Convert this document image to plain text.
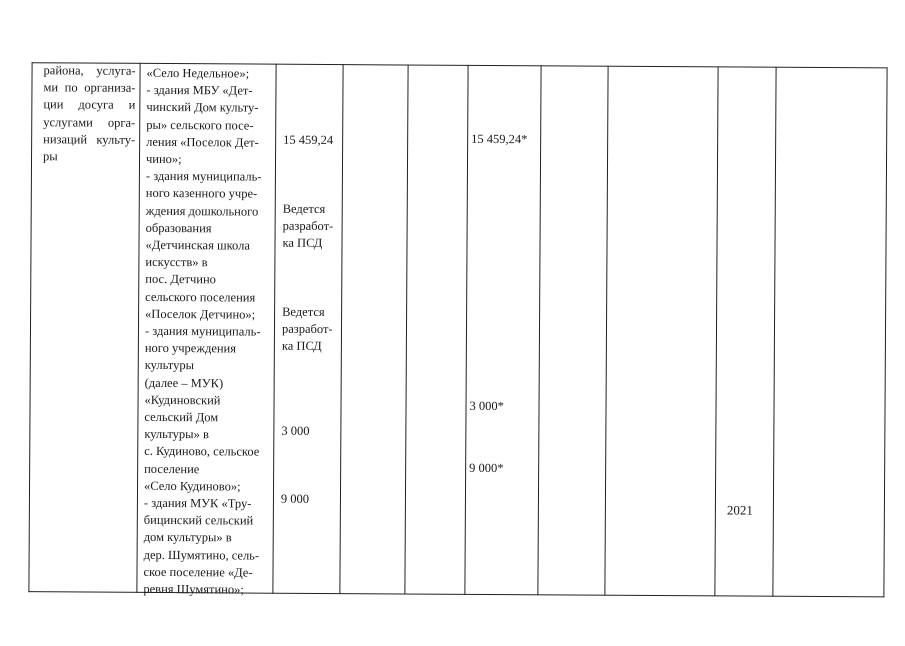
района, услуга-ми по организа-ции досуга и услугами орга-низаций культу-ры
«Село Недельное»;
- здания МБУ «Дет-
чинский Дом культу-
ры» сельского посе-
ления «Поселок Дет-
чино»;
- здания муниципаль-
ного казенного учре-
ждения дошкольного
образования
«Детчинская школа
искусств» в
пос. Детчино
сельского поселения
«Поселок Детчино»;
- здания муниципаль-
ного учреждения
культуры
(далее – МУК)
«Кудиновский
сельский Дом
культуры» в
с. Кудиново, сельское
поселение
«Село Кудиново»;
- здания МУК «Тру-
бицинский сельский
дом культуры» в
дер. Шумятино, сель-
ское поселение «Де-
ревня Шумятино»;
15 459,24
Ведется
разработ-
ка ПСД
Ведется
разработ-
ка ПСД
3 000
9 000
15 459,24*
3 000*
9 000*
2021
